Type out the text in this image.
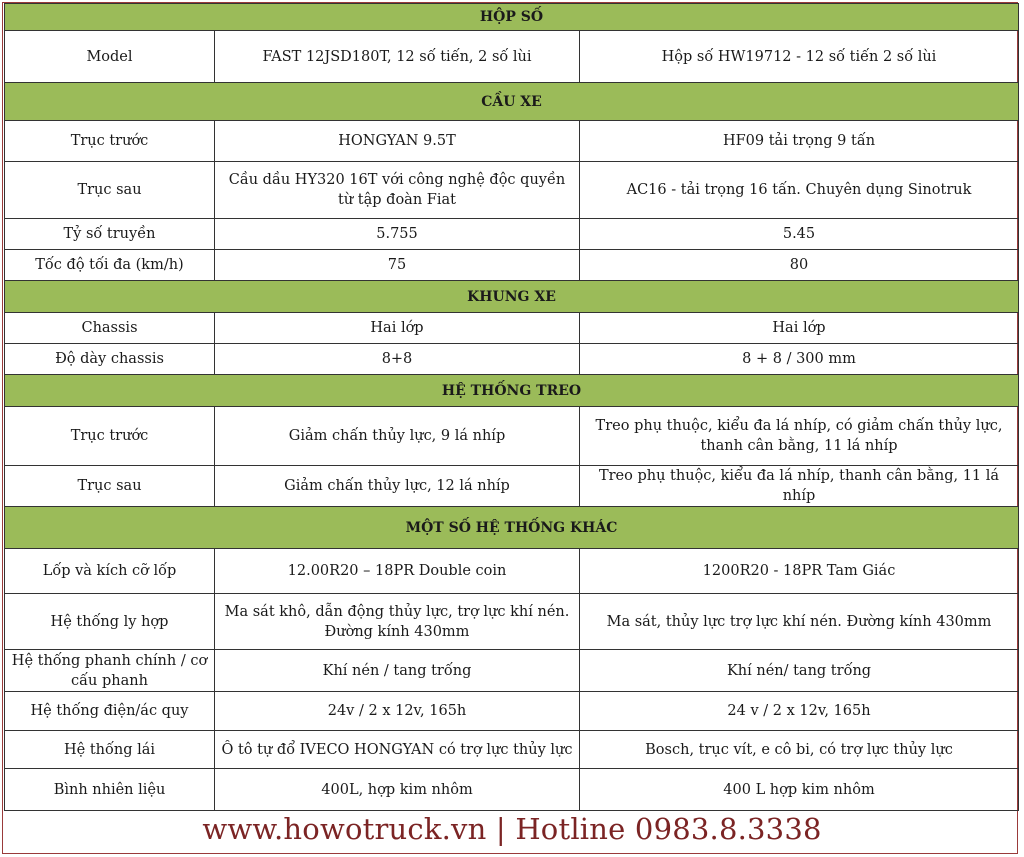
HỘP SỐ		
Model	FAST 12JSD180T, 12 số tiến, 2 số lùi	Hộp số HW19712 - 12 số tiến 2 số lùi
CẦU XE		
Trục trước	HONGYAN 9.5T	HF09 tải trọng 9 tấn
Trục sau	Cầu dầu HY320 16T với công nghệ độc quyền từ tập đoàn Fiat	AC16 - tải trọng 16 tấn. Chuyên dụng Sinotruk
Tỷ số truyền	5.755	5.45
Tốc độ tối đa (km/h)	75	80
KHUNG XE		
Chassis	Hai lớp	Hai lớp
Độ dày chassis	8+8	8 + 8 / 300 mm
HỆ THỐNG TREO		
Trục trước	Giảm chấn thủy lực, 9 lá nhíp	Treo phụ thuộc, kiểu đa lá nhíp, có giảm chấn thủy lực, thanh cân bằng, 11 lá nhíp
Trục sau	Giảm chấn thủy lực, 12 lá nhíp	Treo phụ thuộc, kiểu đa lá nhíp, thanh cân bằng, 11 lá nhíp
MỘT SỐ HỆ THỐNG KHÁC		
Lốp và kích cỡ lốp	12.00R20 – 18PR Double coin	1200R20 - 18PR Tam Giác
Hệ thống ly hợp	Ma sát khô, dẫn động thủy lực, trợ lực khí nén. Đường kính 430mm	Ma sát, thủy lực trợ lực khí nén. Đường kính 430mm
Hệ thống phanh chính / cơ cấu phanh	Khí nén / tang trống	Khí nén/ tang trống
Hệ thống điện/ác quy	24v / 2 x 12v, 165h	24 v / 2 x 12v, 165h
Hệ thống lái	Ô tô tự đổ IVECO HONGYAN có trợ lực thủy lực	Bosch, trục vít, e cô bi, có trợ lực thủy lực
Bình nhiên liệu	400L, hợp kim nhôm	400 L hợp kim nhôm
www.howotruck.vn | Hotline 0983.8.3338
